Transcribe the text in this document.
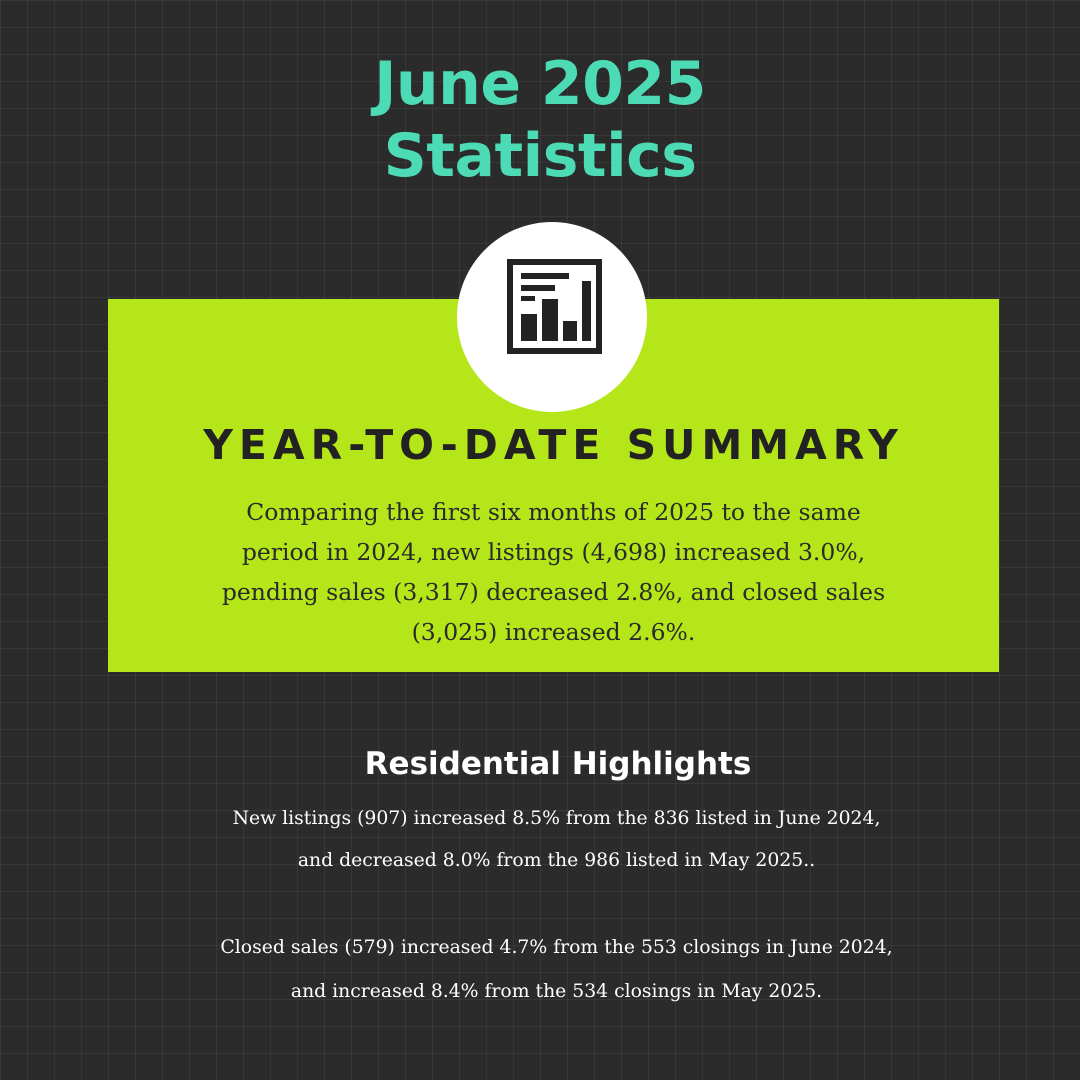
June 2025
Statistics
YEAR-TO-DATE SUMMARY
Comparing the first six months of 2025 to the same
period in 2024, new listings (4,698) increased 3.0%,
pending sales (3,317) decreased 2.8%, and closed sales
(3,025) increased 2.6%.
Residential Highlights
New listings (907) increased 8.5% from the 836 listed in June 2024,
and decreased 8.0% from the 986 listed in May 2025..
Closed sales (579) increased 4.7% from the 553 closings in June 2024,
and increased 8.4% from the 534 closings in May 2025.
